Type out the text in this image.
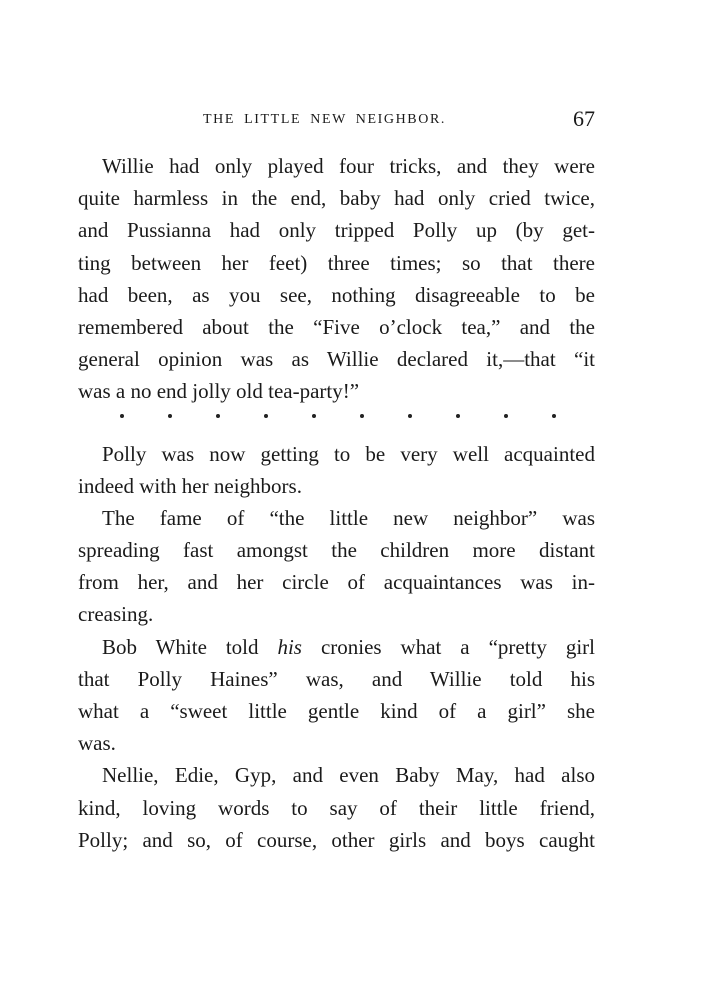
THE LITTLE NEW NEIGHBOR.	67
Willie had only played four tricks, and they were
quite harmless in the end, baby had only cried twice,
and Pussianna had only tripped Polly up (by get-
ting between her feet) three times; so that there
had been, as you see, nothing disagreeable to be
remembered about the “Five o’clock tea,” and the
general opinion was as Willie declared it,—that “it
was a no end jolly old tea-party!”
Polly was now getting to be very well acquainted
indeed with her neighbors.
The fame of “the little new neighbor” was
spreading fast amongst the children more distant
from her, and her circle of acquaintances was in-
creasing.
Bob White told his cronies what a “pretty girl
that Polly Haines” was, and Willie told his
what a “sweet little gentle kind of a girl” she
was.
Nellie, Edie, Gyp, and even Baby May, had also
kind, loving words to say of their little friend,
Polly; and so, of course, other girls and boys caught
